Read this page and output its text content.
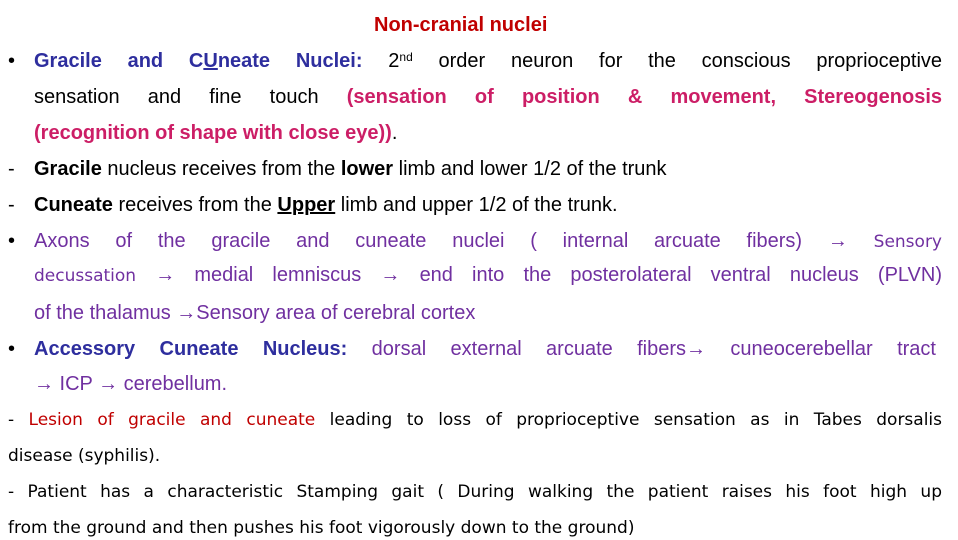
Non-cranial nuclei
• Gracile and CUneate Nuclei: 2nd order neuron for the conscious proprioceptive
sensation and fine touch (sensation of position & movement, Stereogenosis
(recognition of shape with close eye)).
- Gracile nucleus receives from the lower limb and lower 1/2 of the trunk
- Cuneate receives from the Upper limb and upper 1/2 of the trunk.
• Axons of the gracile and cuneate nuclei ( internal arcuate fibers) → Sensory
decussation → medial lemniscus → end into the posterolateral ventral nucleus (PLVN)
of the thalamus →Sensory area of cerebral cortex
• Accessory Cuneate Nucleus: dorsal external arcuate fibers→ cuneocerebellar tract
→ ICP → cerebellum.
- Lesion of gracile and cuneate leading to loss of proprioceptive sensation as in Tabes dorsalis
disease (syphilis).
- Patient has a characteristic Stamping gait ( During walking the patient raises his foot high up
from the ground and then pushes his foot vigorously down to the ground)
